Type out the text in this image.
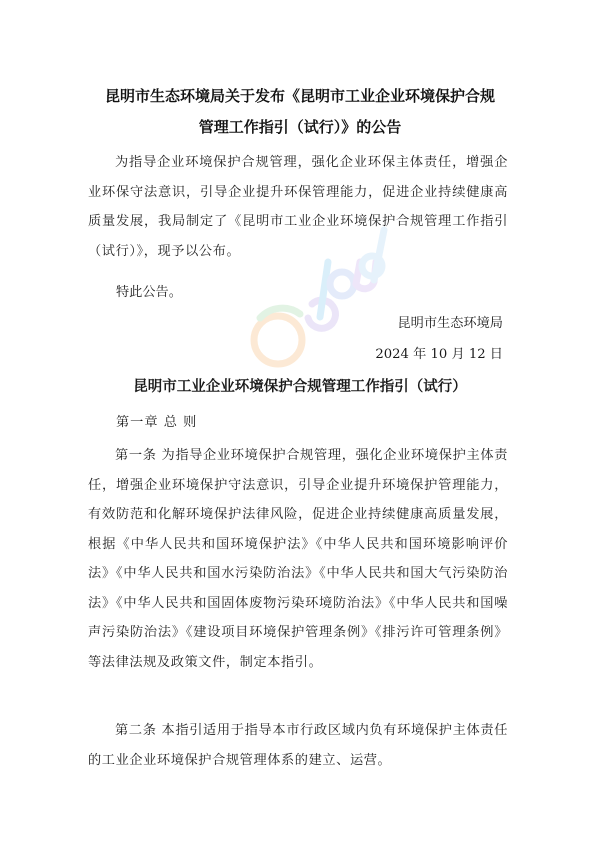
昆明市生态环境局关于发布《昆明市工业企业环境保护合规
管理工作指引（试行）》的公告
为指导企业环境保护合规管理，强化企业环保主体责任，增强企业环保守法意识，引导企业提升环保管理能力，促进企业持续健康高质量发展，我局制定了《昆明市工业企业环境保护合规管理工作指引（试行）》，现予以公布。
特此公告。
昆明市生态环境局
2024 年 10 月 12 日
昆明市工业企业环境保护合规管理工作指引（试行）
第一章 总 则
第一条 为指导企业环境保护合规管理，强化企业环境保护主体责任，增强企业环境保护守法意识，引导企业提升环境保护管理能力，有效防范和化解环境保护法律风险，促进企业持续健康高质量发展，根据《中华人民共和国环境保护法》《中华人民共和国环境影响评价法》《中华人民共和国水污染防治法》《中华人民共和国大气污染防治法》《中华人民共和国固体废物污染环境防治法》《中华人民共和国噪声污染防治法》《建设项目环境保护管理条例》《排污许可管理条例》等法律法规及政策文件，制定本指引。
第二条 本指引适用于指导本市行政区域内负有环境保护主体责任的工业企业环境保护合规管理体系的建立、运营。
